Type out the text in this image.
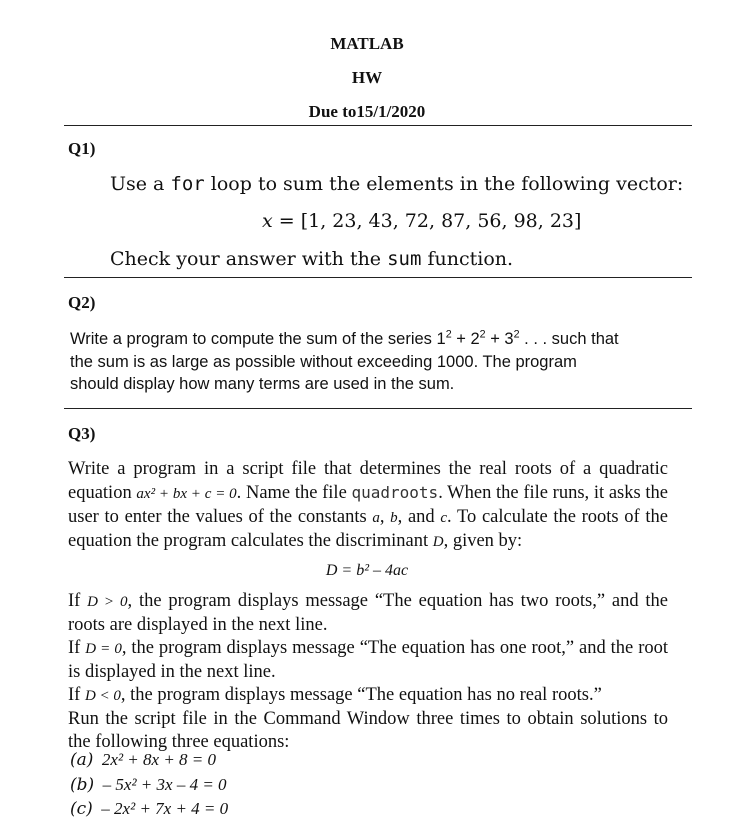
MATLAB
HW
Due to15/1/2020
Q1)
Use a for loop to sum the elements in the following vector:
x = [1, 23, 43, 72, 87, 56, 98, 23]
Check your answer with the sum function.
Q2)
Write a program to compute the sum of the series $1^2 + 2^2 + 3^2$ . . . such that
the sum is as large as possible without exceeding 1000. The program
should display how many terms are used in the sum.
Q3)

Write a program in a script file that determines the real roots of a quadratic equation ax² + bx + c = 0. Name the file quadroots. When the file runs, it asks the user to enter the values of the constants a, b, and c. To calculate the roots of the equation the program calculates the discriminant D, given by:

D = b² – 4ac

If D > 0, the program displays message “The equation has two roots,” and the roots are displayed in the next line.

If D = 0, the program displays message “The equation has one root,” and the root is displayed in the next line.

If D < 0, the program displays message “The equation has no real roots.”

Run the script file in the Command Window three times to obtain solutions to the following three equations:

(a) 2x² + 8x + 8 = 0
(b) – 5x² + 3x – 4 = 0
(c) – 2x² + 7x + 4 = 0
